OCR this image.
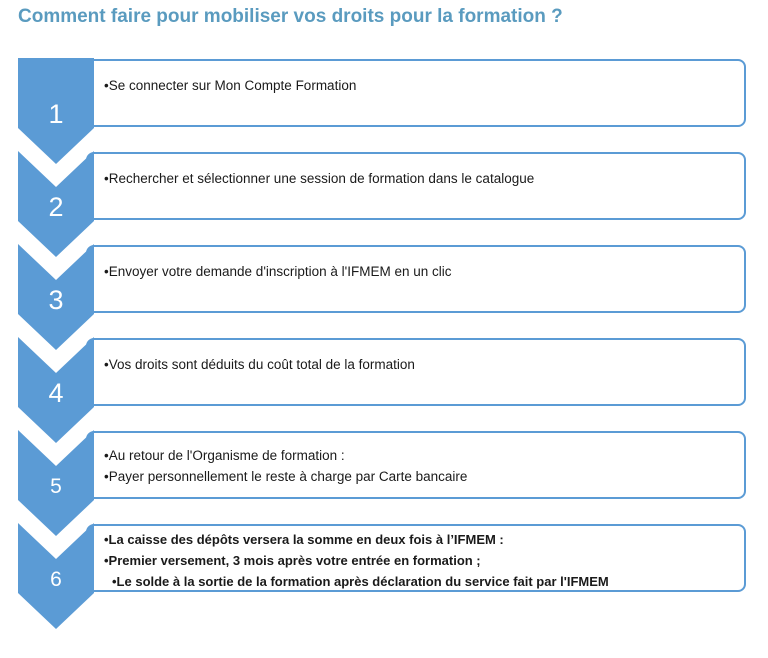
Comment faire pour mobiliser vos droits pour la formation ?
•Se connecter sur Mon Compte Formation
•Rechercher et sélectionner une session de formation dans le catalogue
•Envoyer votre demande d'inscription à l'IFMEM en un clic
•Vos droits sont déduits du coût total de la formation
•Au retour de l'Organisme de formation :
•Payer personnellement le reste à charge par Carte bancaire
•La caisse des dépôts versera la somme en deux fois à l’IFMEM :
•Premier versement, 3 mois après votre entrée en formation ;
•Le solde à la sortie de la formation après déclaration du service fait par l'IFMEM
1
2
3
4
5
6
